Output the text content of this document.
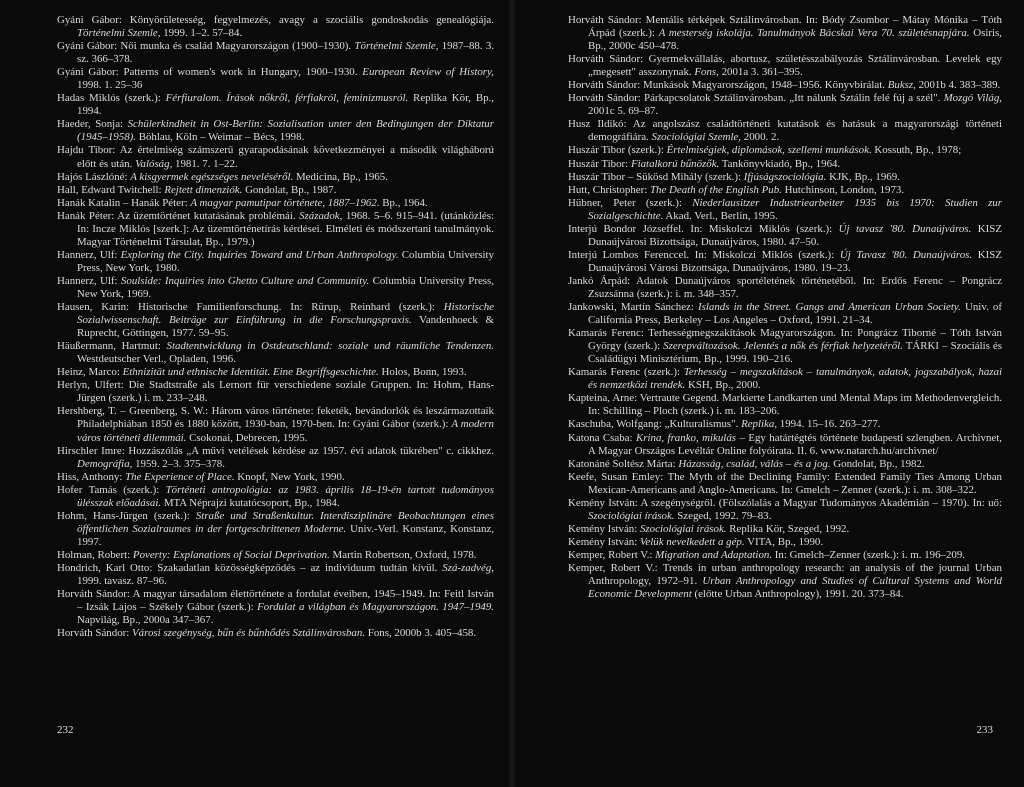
Gyáni Gábor: Könyörületesség, fegyelmezés, avagy a szociális gondoskodás genealógiája. Történelmi Szemle, 1999. 1–2. 57–84.
Gyáni Gábor: Női munka és család Magyarországon (1900–1930). Történelmi Szemle, 1987–88. 3. sz. 366–378.
Gyáni Gábor: Patterns of women's work in Hungary, 1900–1930. European Review of History, 1998. 1. 25–36
Hadas Miklós (szerk.): Férfiuralom. Írások nőkről, férfiakról, feminizmusról. Replika Kör, Bp., 1994.
Haeder, Sonja: Schülerkindheit in Ost-Berlin: Sozialisation unter den Bedingungen der Diktatur (1945–1958). Böhlau, Köln – Weimar – Bécs, 1998.
Hajdu Tibor: Az értelmiség számszerű gyarapodásának következményei a második világháború előtt és után. Valóság, 1981. 7. 1–22.
Hajós Lászlóné: A kisgyermek egészséges neveléséről. Medicina, Bp., 1965.
Hall, Edward Twitchell: Rejtett dimenziók. Gondolat, Bp., 1987.
Hanák Katalin – Hanák Péter: A magyar pamutipar története, 1887–1962. Bp., 1964.
Hanák Péter: Az üzemtörténet kutatásának problémái. Századok, 1968. 5–6. 915–941. (utánközlés: In: Incze Miklós [szerk.]: Az üzemtörténetírás kérdései. Elméleti és módszertani tanulmányok. Magyar Történelmi Társulat, Bp., 1979.)
Hannerz, Ulf: Exploring the City. Inquiries Toward and Urban Anthropology. Columbia University Press, New York, 1980.
Hannerz, Ulf: Soulside: Inquiries into Ghetto Culture and Community. Columbia University Press, New York, 1969.
Hausen, Karin: Historische Familienforschung. In: Rürup, Reinhard (szerk.): Historische Sozialwissenschaft. Beiträge zur Einführung in die Forschungspraxis. Vandenhoeck & Ruprecht, Göttingen, 1977. 59–95.
Häußermann, Hartmut: Stadtentwicklung in Ostdeutschland: soziale und räumliche Tendenzen. Westdeutscher Verl., Opladen, 1996.
Heinz, Marco: Ethnizität und ethnische Identität. Eine Begriffsgeschichte. Holos, Bonn, 1993.
Herlyn, Ulfert: Die Stadtstraße als Lernort für verschiedene soziale Gruppen. In: Hohm, Hans-Jürgen (szerk.) i. m. 233–248.
Hershberg, T. – Greenberg, S. W.: Három város története: feketék, bevándorlók és leszármazottaik Philadelphiában 1850 és 1880 között, 1930-ban, 1970-ben. In: Gyáni Gábor (szerk.): A modern város történeti dilemmái. Csokonai, Debrecen, 1995.
Hirschler Imre: Hozzászólás „A művi vetélések kérdése az 1957. évi adatok tükrében" c. cikkhez. Demográfia, 1959. 2–3. 375–378.
Hiss, Anthony: The Experience of Place. Knopf, New York, 1990.
Hofer Tamás (szerk.): Történeti antropológia: az 1983. április 18–19-én tartott tudományos ülésszak előadásai. MTA Néprajzi kutatócsoport, Bp., 1984.
Hohm, Hans-Jürgen (szerk.): Straße und Straßenkultur. Interdisziplinäre Beobachtungen eines öffentlichen Sozialraumes in der fortgeschrittenen Moderne. Univ.-Verl. Konstanz, Konstanz, 1997.
Holman, Robert: Poverty: Explanations of Social Deprivation. Martin Robertson, Oxford, 1978.
Hondrich, Karl Otto: Szakadatlan közösségképződés – az individuum tudtán kívül. Szá-zadvég, 1999. tavasz. 87–96.
Horváth Sándor: A magyar társadalom élettörténete a fordulat éveiben, 1945–1949. In: Feitl István – Izsák Lajos – Székely Gábor (szerk.): Fordulat a világban és Magyarországon. 1947–1949. Napvilág, Bp., 2000a 347–367.
Horváth Sándor: Városi szegénység, bűn és bűnhődés Sztálinvárosban. Fons, 2000b 3. 405–458.
232
Horváth Sándor: Mentális térképek Sztálinvárosban. In: Bódy Zsombor – Mátay Mónika – Tóth Árpád (szerk.): A mesterség iskolája. Tanulmányok Bácskai Vera 70. születésnapjára. Osiris, Bp., 2000c 450–478.
Horváth Sándor: Gyermekvállalás, abortusz, születésszabályozás Sztálinvárosban. Levelek egy „megesett" asszonynak. Fons, 2001a 3. 361–395.
Horváth Sándor: Munkások Magyarországon, 1948–1956. Könyvbírálat. Buksz, 2001b 4. 383–389.
Horváth Sándor: Párkapcsolatok Sztálinvárosban. „Itt nálunk Sztálin felé fúj a szél". Mozgó Világ, 2001c 5. 69–87.
Husz Ildikó: Az angolszász családtörténeti kutatások és hatásuk a magyarországi történeti demográfiára. Szociológiai Szemle, 2000. 2.
Huszár Tibor (szerk.): Értelmiségiek, diplomások, szellemi munkások. Kossuth, Bp., 1978;
Huszár Tibor: Fiatalkorú bűnözők. Tankönyvkiadó, Bp., 1964.
Huszár Tibor – Sükösd Mihály (szerk.): Ifjúságszociológia. KJK, Bp., 1969.
Hutt, Christopher: The Death of the English Pub. Hutchinson, London, 1973.
Hübner, Peter (szerk.): Niederlausitzer Industriearbeiter 1935 bis 1970: Studien zur Sozialgeschichte. Akad. Verl., Berlin, 1995.
Interjú Bondor Józseffel. In: Miskolczi Miklós (szerk.): Új tavasz '80. Dunaújváros. KISZ Dunaújvárosi Bizottsága, Dunaújváros, 1980. 47–50.
Interjú Lombos Ferenccel. In: Miskolczi Miklós (szerk.): Új Tavasz '80. Dunaújváros. KISZ Dunaújvárosi Városi Bizottsága, Dunaújváros, 1980. 19–23.
Jankó Árpád: Adatok Dunaújváros sportéletének történetéből. In: Erdős Ferenc – Pongrácz Zsuzsánna (szerk.): i. m. 348–357.
Jankowski, Martín Sánchez: Islands in the Street. Gangs and American Urban Society. Univ. of California Press, Berkeley – Los Angeles – Oxford, 1991. 21–34.
Kamarás Ferenc: Terhességmegszakítások Magyarországon. In: Pongrácz Tiborné – Tóth István György (szerk.): Szerepváltozások. Jelentés a nők és férfiak helyzetéről. TÁRKI – Szociális és Családügyi Minisztérium, Bp., 1999. 190–216.
Kamarás Ferenc (szerk.): Terhesség – megszakítások – tanulmányok, adatok, jogszabályok, hazai és nemzetközi trendek. KSH, Bp., 2000.
Kapteina, Arne: Vertraute Gegend. Markierte Landkarten und Mental Maps im Methodenvergleich. In: Schilling – Ploch (szerk.) i. m. 183–206.
Kaschuba, Wolfgang: „Kulturalismus". Replika, 1994. 15–16. 263–277.
Katona Csaba: Krina, franko, mikulás – Egy határtégtés története budapesti szlengben. Archivnet, A Magyar Országos Levéltár Online folyóirata. II. 6. www.natarch.hu/archivnet/
Katonáné Soltész Márta: Házasság, család, válás – és a jog. Gondolat, Bp., 1982.
Keefe, Susan Emley: The Myth of the Declining Family: Extended Family Ties Among Urban Mexican-Americans and Anglo-Americans. In: Gmelch – Zenner (szerk.): i. m. 308–322.
Kemény István: A szegénységről. (Fölszólalás a Magyar Tudományos Akadémián – 1970). In: uő: Szociológiai írások. Szeged, 1992. 79–83.
Kemény István: Szociológiai írások. Replika Kör, Szeged, 1992.
Kemény István: Velük nevelkedett a gép. VITA, Bp., 1990.
Kemper, Robert V.: Migration and Adaptation. In: Gmelch–Zenner (szerk.): i. m. 196–209.
Kemper, Robert V.: Trends in urban anthropology research: an analysis of the journal Urban Anthropology, 1972–91. Urban Anthropology and Studies of Cultural Systems and World Economic Development (előtte Urban Anthropology), 1991. 20. 373–84.
233
